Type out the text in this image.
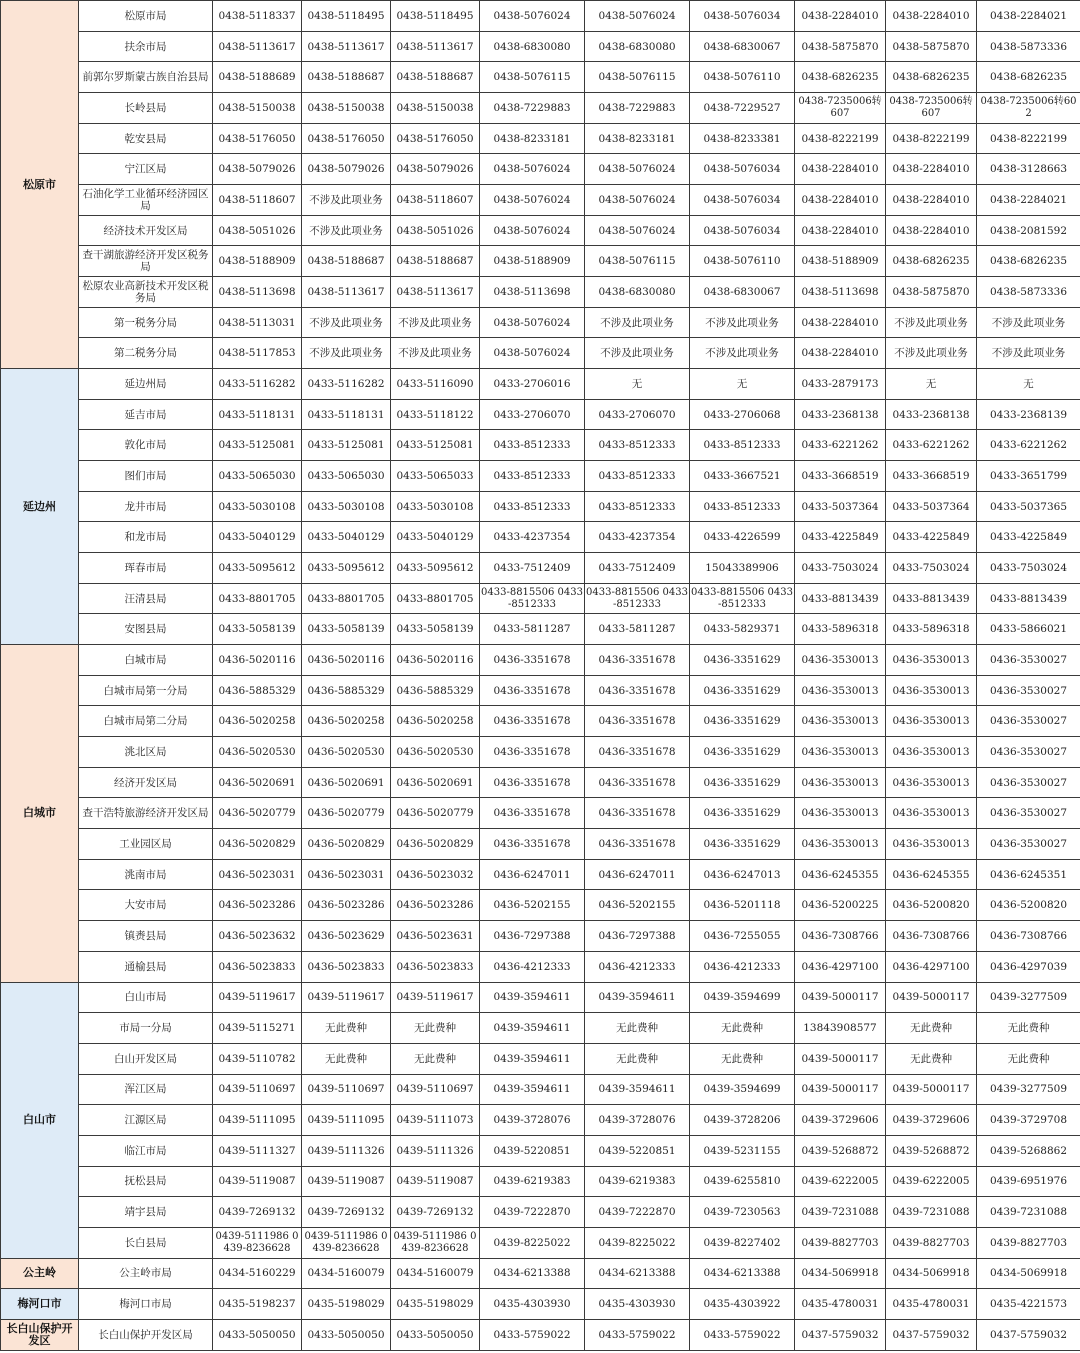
松原市	松原市局	0438-5118337	0438-5118495	0438-5118495	0438-5076024	0438-5076024	0438-5076034	0438-2284010	0438-2284010	0438-2284021
	扶余市局	0438-5113617	0438-5113617	0438-5113617	0438-6830080	0438-6830080	0438-6830067	0438-5875870	0438-5875870	0438-5873336
	前郭尔罗斯蒙古族自治县局	0438-5188689	0438-5188687	0438-5188687	0438-5076115	0438-5076115	0438-5076110	0438-6826235	0438-6826235	0438-6826235
	长岭县局	0438-5150038	0438-5150038	0438-5150038	0438-7229883	0438-7229883	0438-7229527	0438-7235006转607	0438-7235006转607	0438-7235006转602
	乾安县局	0438-5176050	0438-5176050	0438-5176050	0438-8233181	0438-8233181	0438-8233381	0438-8222199	0438-8222199	0438-8222199
	宁江区局	0438-5079026	0438-5079026	0438-5079026	0438-5076024	0438-5076024	0438-5076034	0438-2284010	0438-2284010	0438-3128663
	石油化学工业循环经济园区局	0438-5118607	不涉及此项业务	0438-5118607	0438-5076024	0438-5076024	0438-5076034	0438-2284010	0438-2284010	0438-2284021
	经济技术开发区局	0438-5051026	不涉及此项业务	0438-5051026	0438-5076024	0438-5076024	0438-5076034	0438-2284010	0438-2284010	0438-2081592
	查干湖旅游经济开发区税务局	0438-5188909	0438-5188687	0438-5188687	0438-5188909	0438-5076115	0438-5076110	0438-5188909	0438-6826235	0438-6826235
	松原农业高新技术开发区税务局	0438-5113698	0438-5113617	0438-5113617	0438-5113698	0438-6830080	0438-6830067	0438-5113698	0438-5875870	0438-5873336
	第一税务分局	0438-5113031	不涉及此项业务	不涉及此项业务	0438-5076024	不涉及此项业务	不涉及此项业务	0438-2284010	不涉及此项业务	不涉及此项业务
	第二税务分局	0438-5117853	不涉及此项业务	不涉及此项业务	0438-5076024	不涉及此项业务	不涉及此项业务	0438-2284010	不涉及此项业务	不涉及此项业务
延边州	延边州局	0433-5116282	0433-5116282	0433-5116090	0433-2706016	无	无	0433-2879173	无	无
	延吉市局	0433-5118131	0433-5118131	0433-5118122	0433-2706070	0433-2706070	0433-2706068	0433-2368138	0433-2368138	0433-2368139
	敦化市局	0433-5125081	0433-5125081	0433-5125081	0433-8512333	0433-8512333	0433-8512333	0433-6221262	0433-6221262	0433-6221262
	图们市局	0433-5065030	0433-5065030	0433-5065033	0433-8512333	0433-8512333	0433-3667521	0433-3668519	0433-3668519	0433-3651799
	龙井市局	0433-5030108	0433-5030108	0433-5030108	0433-8512333	0433-8512333	0433-8512333	0433-5037364	0433-5037364	0433-5037365
	和龙市局	0433-5040129	0433-5040129	0433-5040129	0433-4237354	0433-4237354	0433-4226599	0433-4225849	0433-4225849	0433-4225849
	珲春市局	0433-5095612	0433-5095612	0433-5095612	0433-7512409	0433-7512409	15043389906	0433-7503024	0433-7503024	0433-7503024
	汪清县局	0433-8801705	0433-8801705	0433-8801705	0433-8815506 0433-8512333	0433-8815506 0433-8512333	0433-8815506 0433-8512333	0433-8813439	0433-8813439	0433-8813439
	安图县局	0433-5058139	0433-5058139	0433-5058139	0433-5811287	0433-5811287	0433-5829371	0433-5896318	0433-5896318	0433-5866021
白城市	白城市局	0436-5020116	0436-5020116	0436-5020116	0436-3351678	0436-3351678	0436-3351629	0436-3530013	0436-3530013	0436-3530027
	白城市局第一分局	0436-5885329	0436-5885329	0436-5885329	0436-3351678	0436-3351678	0436-3351629	0436-3530013	0436-3530013	0436-3530027
	白城市局第二分局	0436-5020258	0436-5020258	0436-5020258	0436-3351678	0436-3351678	0436-3351629	0436-3530013	0436-3530013	0436-3530027
	洮北区局	0436-5020530	0436-5020530	0436-5020530	0436-3351678	0436-3351678	0436-3351629	0436-3530013	0436-3530013	0436-3530027
	经济开发区局	0436-5020691	0436-5020691	0436-5020691	0436-3351678	0436-3351678	0436-3351629	0436-3530013	0436-3530013	0436-3530027
	查干浩特旅游经济开发区局	0436-5020779	0436-5020779	0436-5020779	0436-3351678	0436-3351678	0436-3351629	0436-3530013	0436-3530013	0436-3530027
	工业园区局	0436-5020829	0436-5020829	0436-5020829	0436-3351678	0436-3351678	0436-3351629	0436-3530013	0436-3530013	0436-3530027
	洮南市局	0436-5023031	0436-5023031	0436-5023032	0436-6247011	0436-6247011	0436-6247013	0436-6245355	0436-6245355	0436-6245351
	大安市局	0436-5023286	0436-5023286	0436-5023286	0436-5202155	0436-5202155	0436-5201118	0436-5200225	0436-5200820	0436-5200820
	镇赉县局	0436-5023632	0436-5023629	0436-5023631	0436-7297388	0436-7297388	0436-7255055	0436-7308766	0436-7308766	0436-7308766
	通榆县局	0436-5023833	0436-5023833	0436-5023833	0436-4212333	0436-4212333	0436-4212333	0436-4297100	0436-4297100	0436-4297039
白山市	白山市局	0439-5119617	0439-5119617	0439-5119617	0439-3594611	0439-3594611	0439-3594699	0439-5000117	0439-5000117	0439-3277509
	市局一分局	0439-5115271	无此费种	无此费种	0439-3594611	无此费种	无此费种	13843908577	无此费种	无此费种
	白山开发区局	0439-5110782	无此费种	无此费种	0439-3594611	无此费种	无此费种	0439-5000117	无此费种	无此费种
	浑江区局	0439-5110697	0439-5110697	0439-5110697	0439-3594611	0439-3594611	0439-3594699	0439-5000117	0439-5000117	0439-3277509
	江源区局	0439-5111095	0439-5111095	0439-5111073	0439-3728076	0439-3728076	0439-3728206	0439-3729606	0439-3729606	0439-3729708
	临江市局	0439-5111327	0439-5111326	0439-5111326	0439-5220851	0439-5220851	0439-5231155	0439-5268872	0439-5268872	0439-5268862
	抚松县局	0439-5119087	0439-5119087	0439-5119087	0439-6219383	0439-6219383	0439-6255810	0439-6222005	0439-6222005	0439-6951976
	靖宇县局	0439-7269132	0439-7269132	0439-7269132	0439-7222870	0439-7222870	0439-7230563	0439-7231088	0439-7231088	0439-7231088
	长白县局	0439-5111986 0439-8236628	0439-5111986 0439-8236628	0439-5111986 0439-8236628	0439-8225022	0439-8225022	0439-8227402	0439-8827703	0439-8827703	0439-8827703
公主岭	公主岭市局	0434-5160229	0434-5160079	0434-5160079	0434-6213388	0434-6213388	0434-6213388	0434-5069918	0434-5069918	0434-5069918
梅河口市	梅河口市局	0435-5198237	0435-5198029	0435-5198029	0435-4303930	0435-4303930	0435-4303922	0435-4780031	0435-4780031	0435-4221573
长白山保护开发区	长白山保护开发区局	0433-5050050	0433-5050050	0433-5050050	0433-5759022	0433-5759022	0433-5759022	0437-5759032	0437-5759032	0437-5759032
